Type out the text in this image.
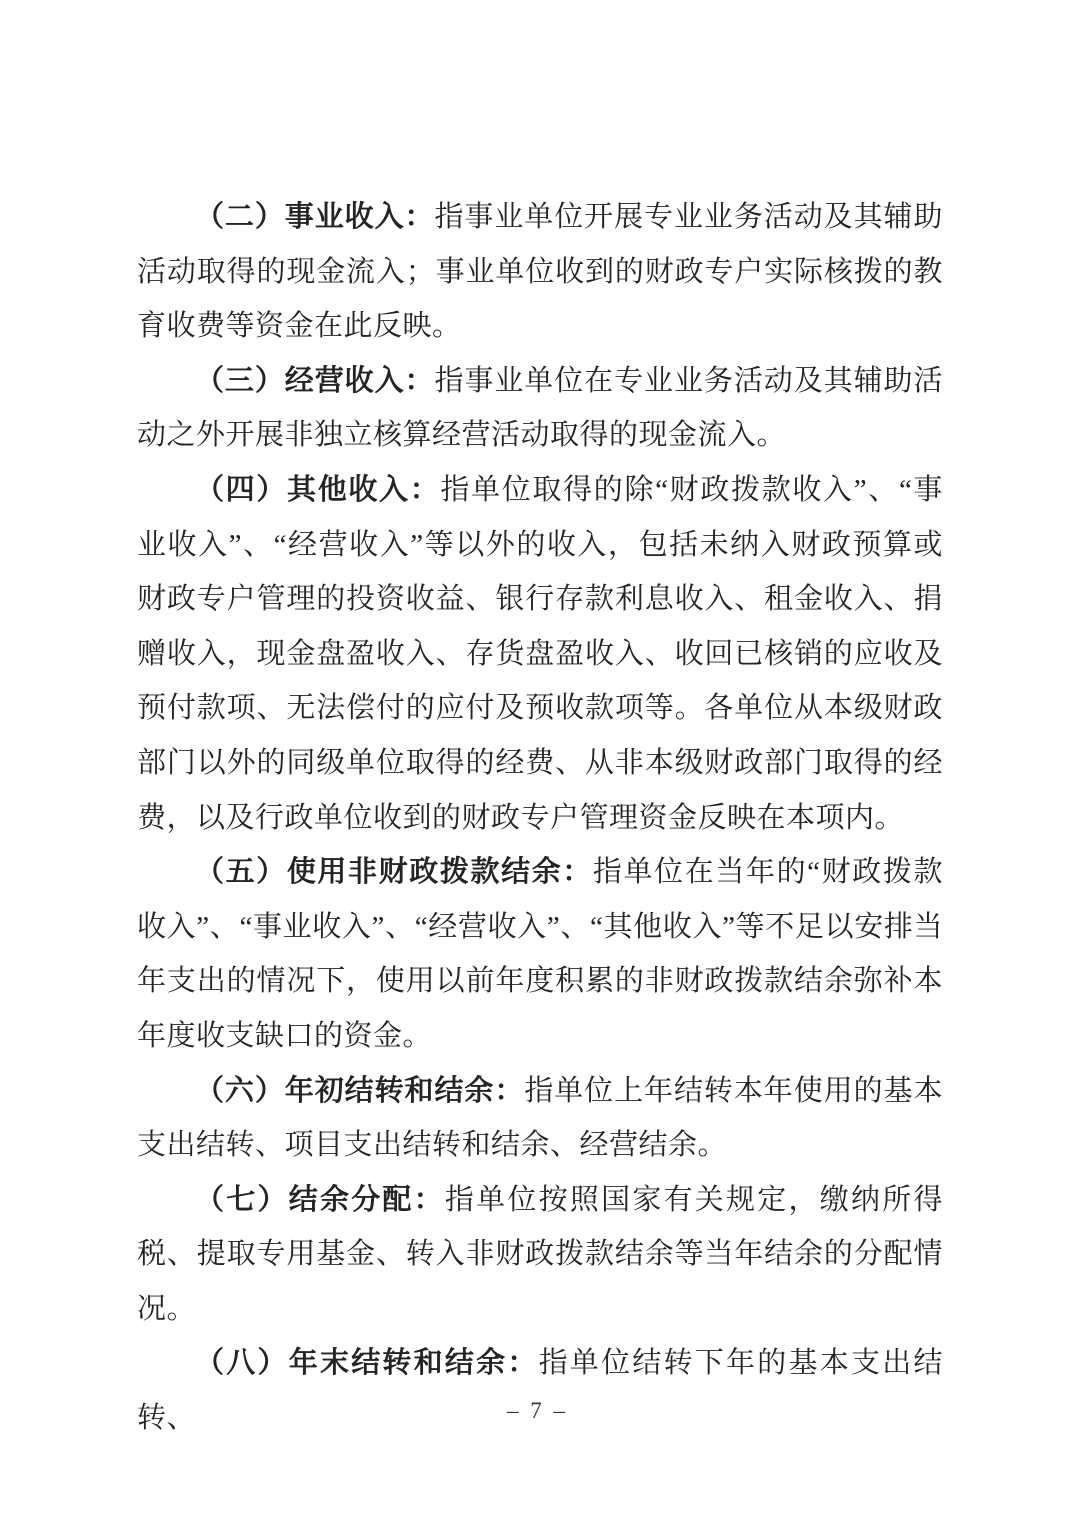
（二）事业收入：指事业单位开展专业业务活动及其辅助活动取得的现金流入；事业单位收到的财政专户实际核拨的教育收费等资金在此反映。

（三）经营收入：指事业单位在专业业务活动及其辅助活动之外开展非独立核算经营活动取得的现金流入。

（四）其他收入：指单位取得的除“财政拨款收入”、“事业收入”、“经营收入”等以外的收入，包括未纳入财政预算或财政专户管理的投资收益、银行存款利息收入、租金收入、捐赠收入，现金盘盈收入、存货盘盈收入、收回已核销的应收及预付款项、无法偿付的应付及预收款项等。各单位从本级财政部门以外的同级单位取得的经费、从非本级财政部门取得的经费，以及行政单位收到的财政专户管理资金反映在本项内。

（五）使用非财政拨款结余：指单位在当年的“财政拨款收入”、“事业收入”、“经营收入”、“其他收入”等不足以安排当年支出的情况下，使用以前年度积累的非财政拨款结余弥补本年度收支缺口的资金。

（六）年初结转和结余：指单位上年结转本年使用的基本支出结转、项目支出结转和结余、经营结余。

（七）结余分配：指单位按照国家有关规定，缴纳所得税、提取专用基金、转入非财政拨款结余等当年结余的分配情况。

（八）年末结转和结余：指单位结转下年的基本支出结转、	– 7 –
